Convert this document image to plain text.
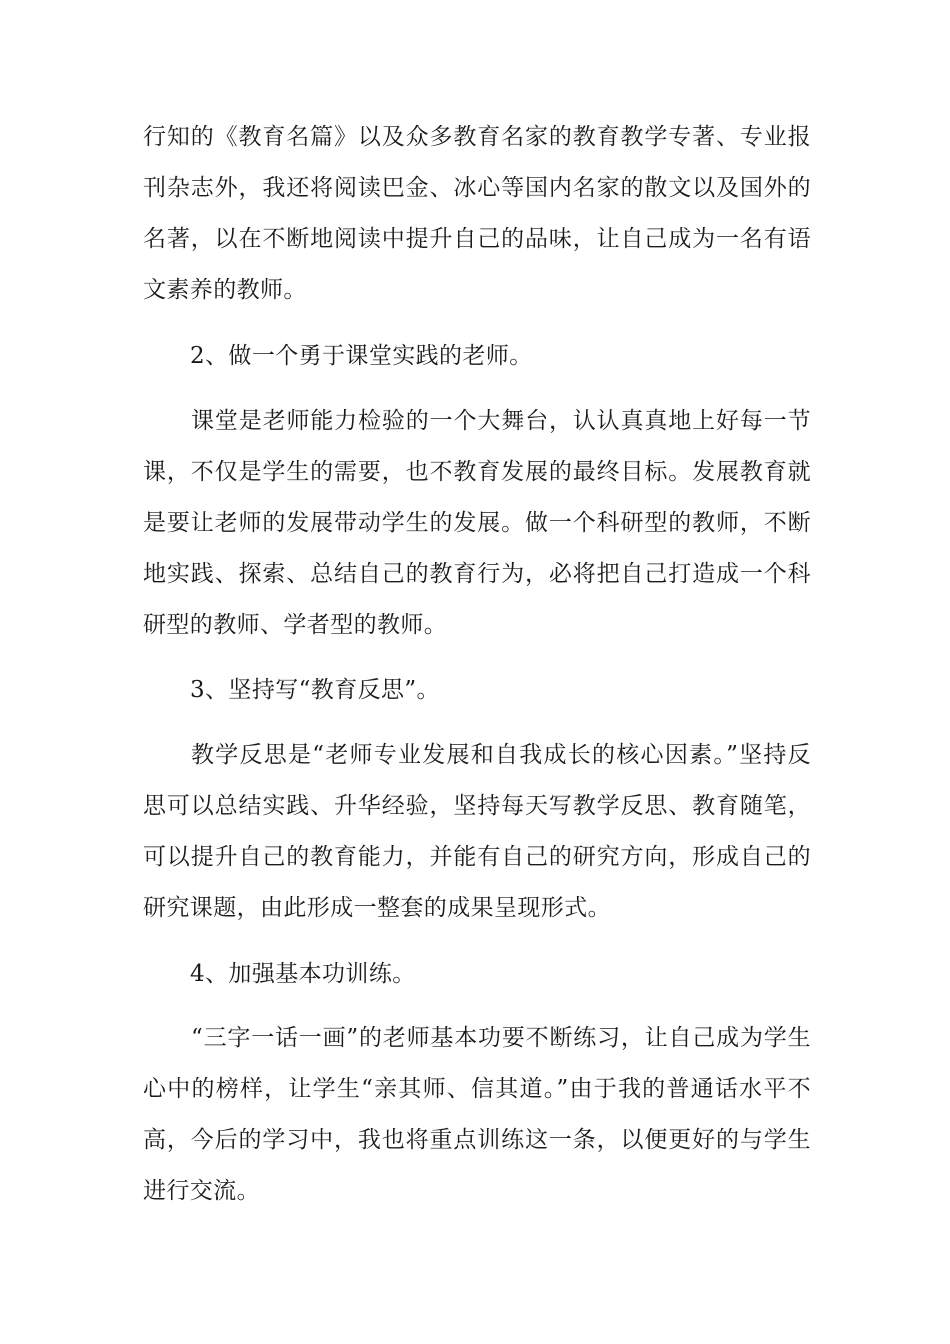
行知的《教育名篇》以及众多教育名家的教育教学专著、专业报刊杂志外，我还将阅读巴金、冰心等国内名家的散文以及国外的名著，以在不断地阅读中提升自己的品味，让自己成为一名有语文素养的教师。

2、做一个勇于课堂实践的老师。

课堂是老师能力检验的一个大舞台，认认真真地上好每一节课，不仅是学生的需要，也不教育发展的最终目标。发展教育就是要让老师的发展带动学生的发展。做一个科研型的教师，不断地实践、探索、总结自己的教育行为，必将把自己打造成一个科研型的教师、学者型的教师。

3、坚持写“教育反思”。

教学反思是“老师专业发展和自我成长的核心因素。”坚持反思可以总结实践、升华经验，坚持每天写教学反思、教育随笔，可以提升自己的教育能力，并能有自己的研究方向，形成自己的研究课题，由此形成一整套的成果呈现形式。

4、加强基本功训练。

“三字一话一画”的老师基本功要不断练习，让自己成为学生心中的榜样，让学生“亲其师、信其道。”由于我的普通话水平不高，今后的学习中，我也将重点训练这一条，以便更好的与学生进行交流。
